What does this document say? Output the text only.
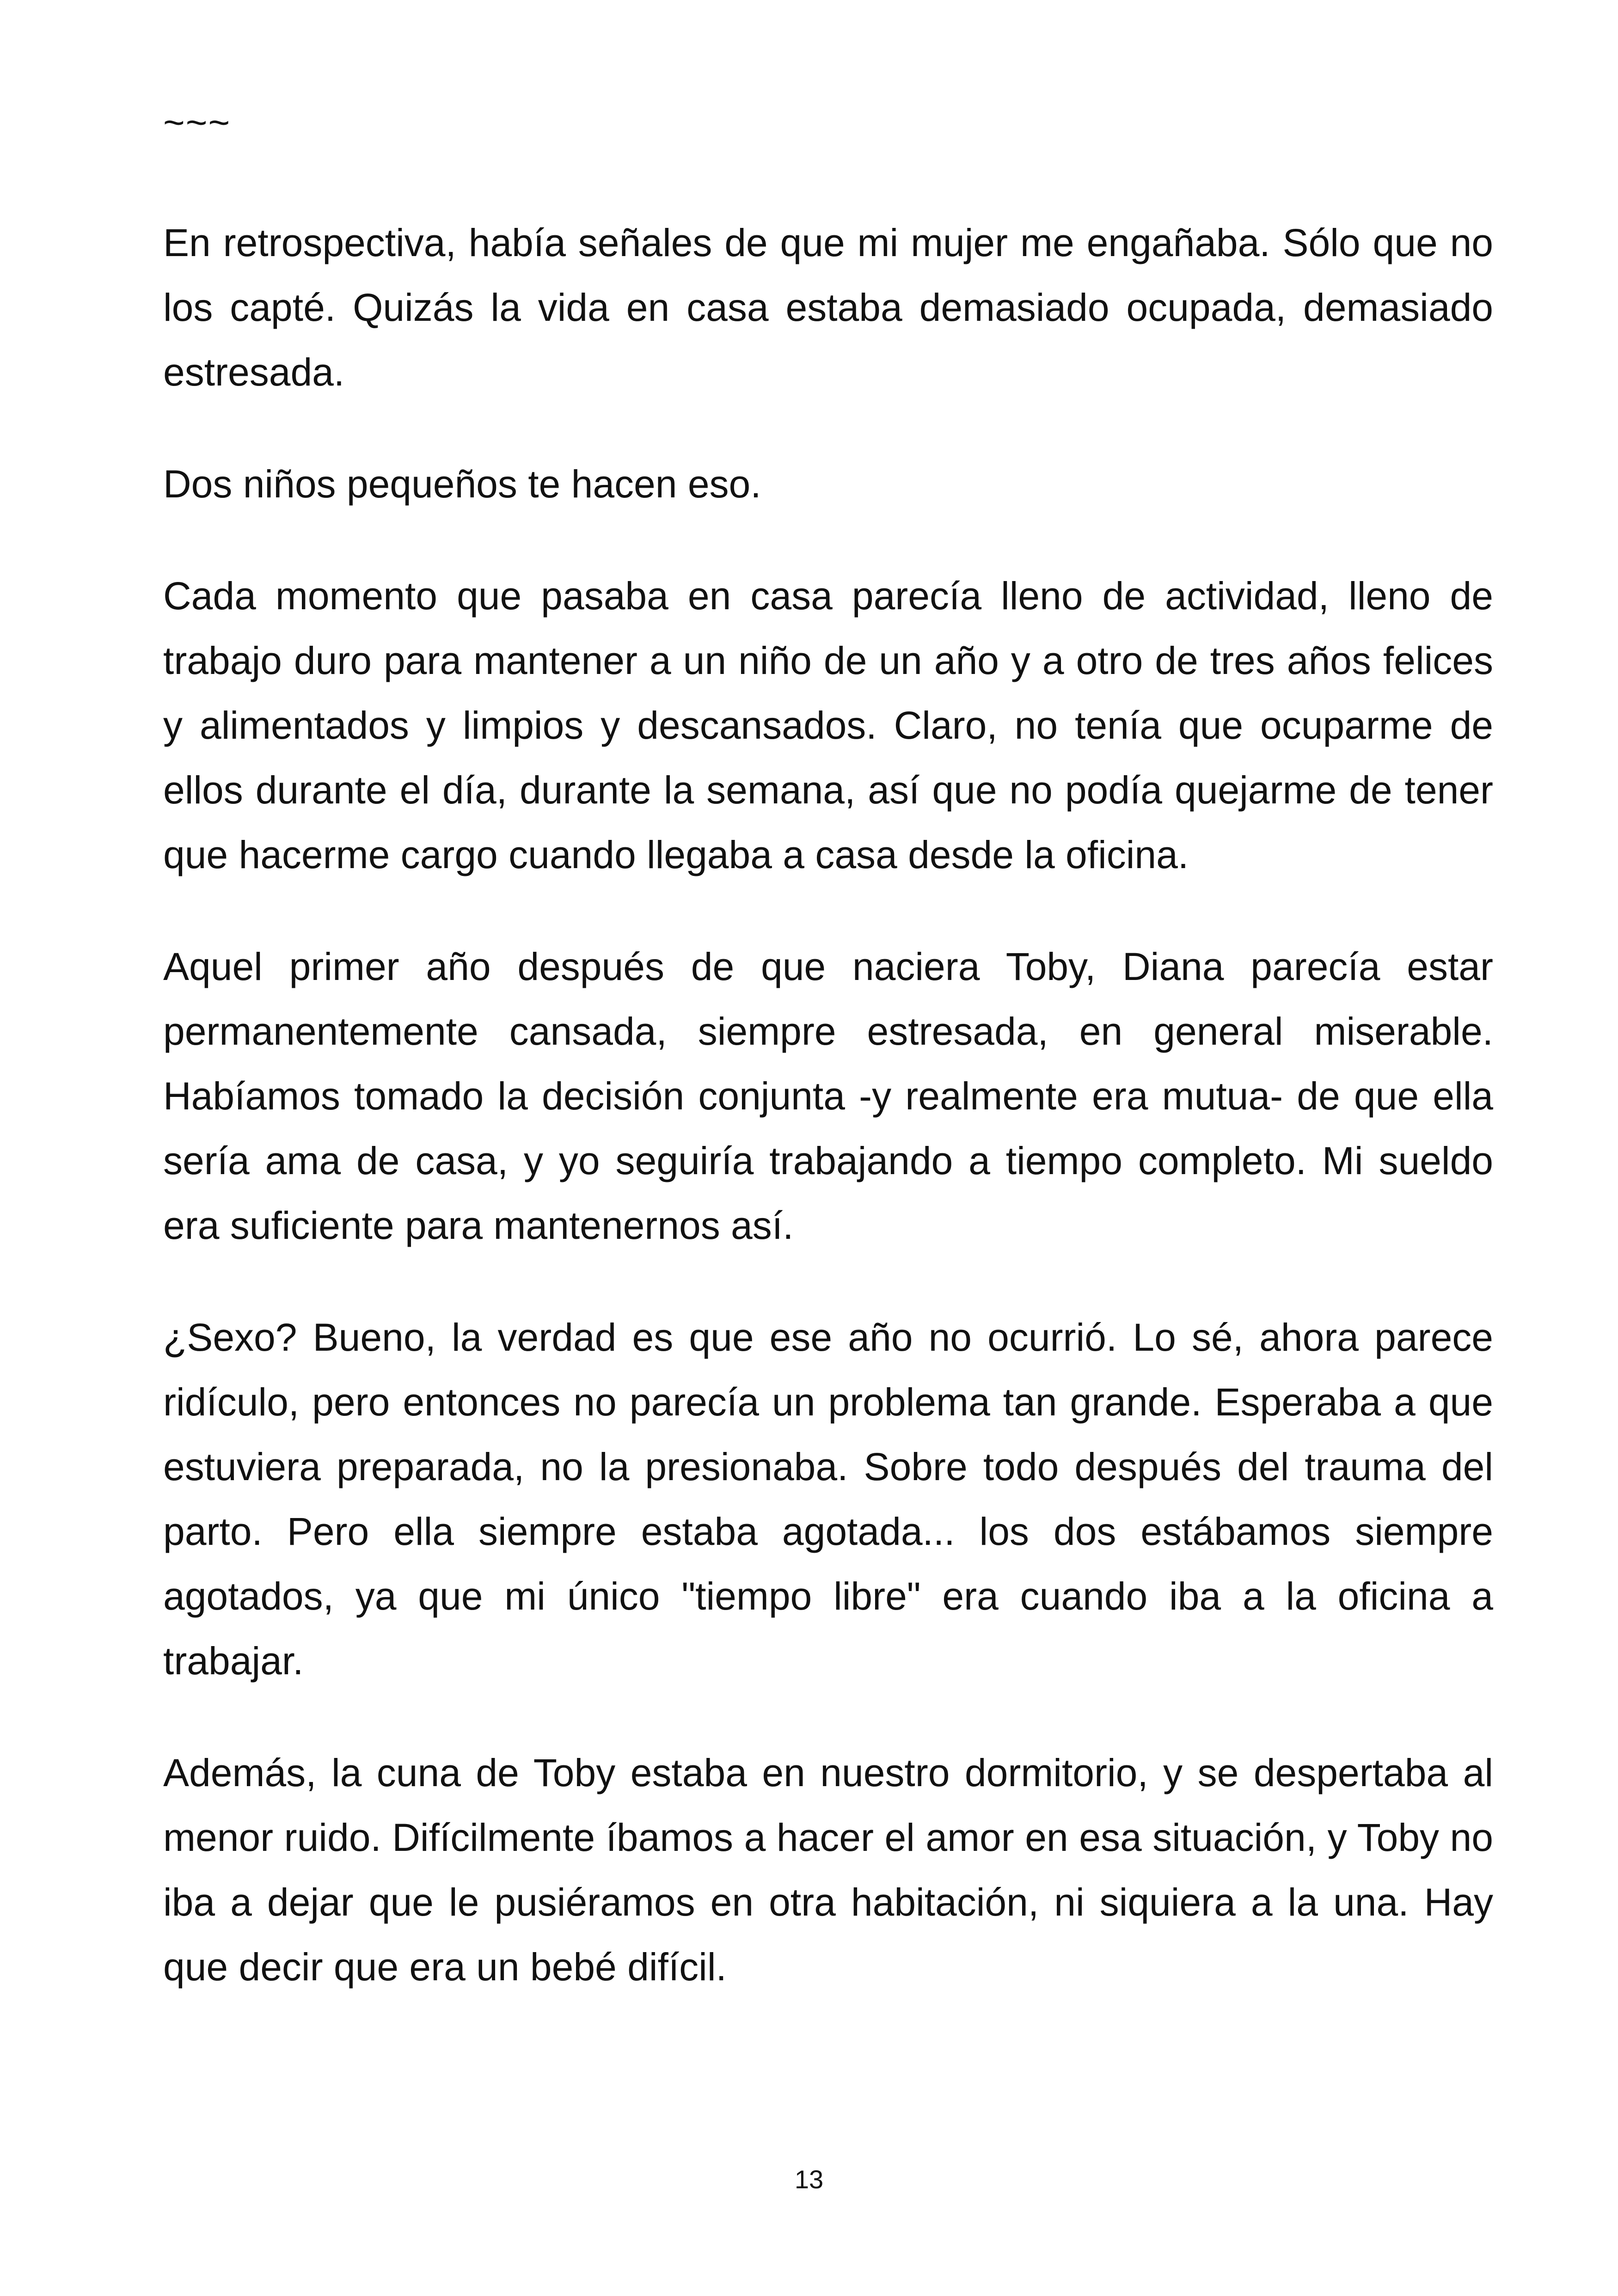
~~~

En retrospectiva, había señales de que mi mujer me engañaba. Sólo que no los capté. Quizás la vida en casa estaba demasiado ocupada, demasiado estresada.

Dos niños pequeños te hacen eso.

Cada momento que pasaba en casa parecía lleno de actividad, lleno de trabajo duro para mantener a un niño de un año y a otro de tres años felices y alimentados y limpios y descansados. Claro, no tenía que ocuparme de ellos durante el día, durante la semana, así que no podía quejarme de tener que hacerme cargo cuando llegaba a casa desde la oficina.

Aquel primer año después de que naciera Toby, Diana parecía estar permanentemente cansada, siempre estresada, en general miserable. Habíamos tomado la decisión conjunta -y realmente era mutua- de que ella sería ama de casa, y yo seguiría trabajando a tiempo completo. Mi sueldo era suficiente para mantenernos así.

¿Sexo? Bueno, la verdad es que ese año no ocurrió. Lo sé, ahora parece ridículo, pero entonces no parecía un problema tan grande. Esperaba a que estuviera preparada, no la presionaba. Sobre todo después del trauma del parto. Pero ella siempre estaba agotada... los dos estábamos siempre agotados, ya que mi único "tiempo libre" era cuando iba a la oficina a trabajar.

Además, la cuna de Toby estaba en nuestro dormitorio, y se despertaba al menor ruido. Difícilmente íbamos a hacer el amor en esa situación, y Toby no iba a dejar que le pusiéramos en otra habitación, ni siquiera a la una. Hay que decir que era un bebé difícil.

13
